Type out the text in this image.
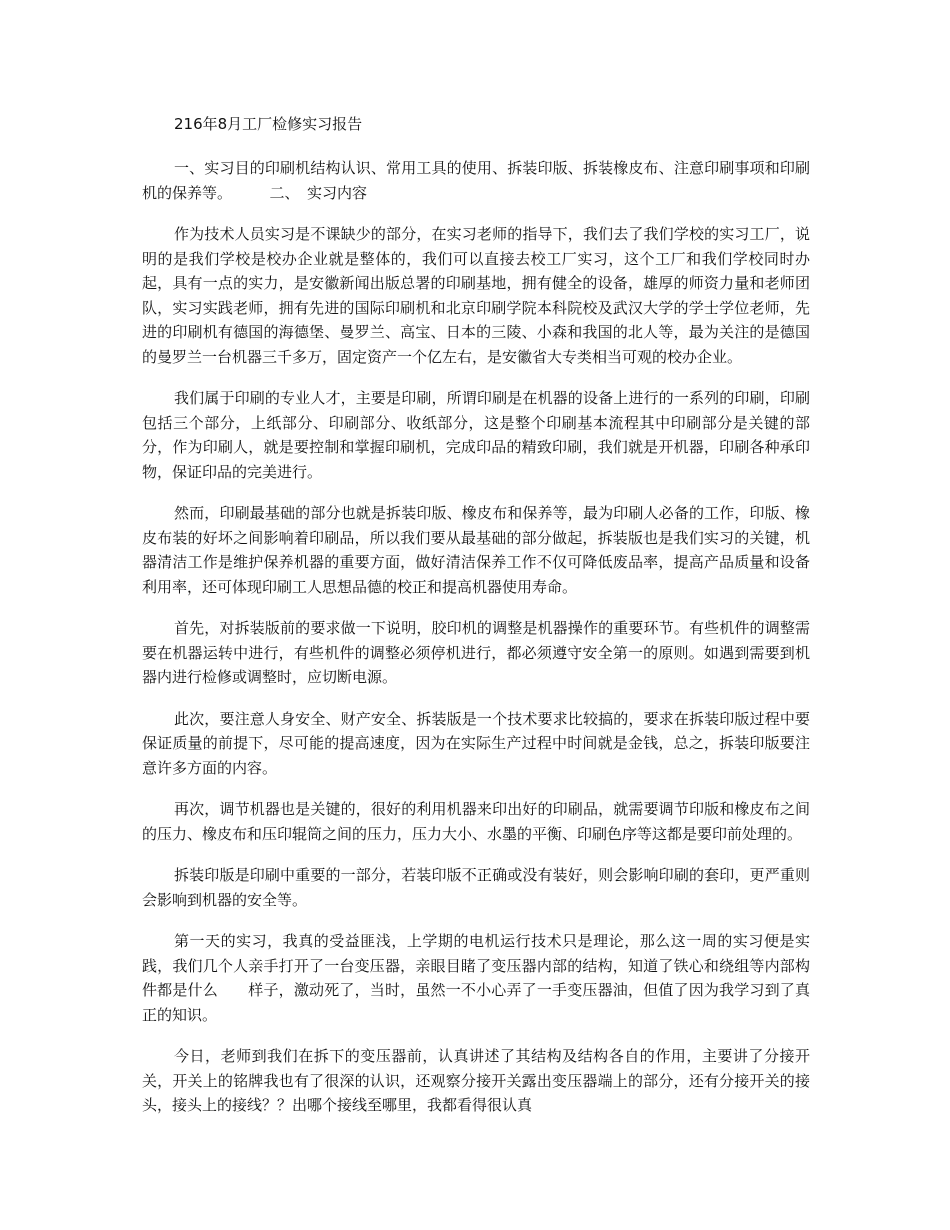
216年8月工厂检修实习报告

一、实习目的印刷机结构认识、常用工具的使用、拆装印版、拆装橡皮布、注意印刷事项和印刷机的保养等。　　　二、　实习内容

作为技术人员实习是不课缺少的部分，在实习老师的指导下，我们去了我们学校的实习工厂，说明的是我们学校是校办企业就是整体的，我们可以直接去校工厂实习，这个工厂和我们学校同时办起，具有一点的实力，是安徽新闻出版总署的印刷基地，拥有健全的设备，雄厚的师资力量和老师团队，实习实践老师，拥有先进的国际印刷机和北京印刷学院本科院校及武汉大学的学士学位老师，先进的印刷机有德国的海德堡、曼罗兰、高宝、日本的三陵、小森和我国的北人等，最为关注的是德国的曼罗兰一台机器三千多万，固定资产一个亿左右，是安徽省大专类相当可观的校办企业。

我们属于印刷的专业人才，主要是印刷，所谓印刷是在机器的设备上进行的一系列的印刷，印刷包括三个部分，上纸部分、印刷部分、收纸部分，这是整个印刷基本流程其中印刷部分是关键的部分，作为印刷人，就是要控制和掌握印刷机，完成印品的精致印刷，我们就是开机器，印刷各种承印物，保证印品的完美进行。

然而，印刷最基础的部分也就是拆装印版、橡皮布和保养等，最为印刷人必备的工作，印版、橡皮布装的好坏之间影响着印刷品，所以我们要从最基础的部分做起，拆装版也是我们实习的关键，机器清洁工作是维护保养机器的重要方面，做好清洁保养工作不仅可降低废品率，提高产品质量和设备利用率，还可体现印刷工人思想品德的校正和提高机器使用寿命。

首先，对拆装版前的要求做一下说明，胶印机的调整是机器操作的重要环节。有些机件的调整需要在机器运转中进行，有些机件的调整必须停机进行，都必须遵守安全第一的原则。如遇到需要到机器内进行检修或调整时，应切断电源。

此次，要注意人身安全、财产安全、拆装版是一个技术要求比较搞的，要求在拆装印版过程中要保证质量的前提下，尽可能的提高速度，因为在实际生产过程中时间就是金钱，总之，拆装印版要注意许多方面的内容。

再次，调节机器也是关键的，很好的利用机器来印出好的印刷品，就需要调节印版和橡皮布之间的压力、橡皮布和压印辊筒之间的压力，压力大小、水墨的平衡、印刷色序等这都是要印前处理的。

拆装印版是印刷中重要的一部分，若装印版不正确或没有装好，则会影响印刷的套印，更严重则会影响到机器的安全等。

第一天的实习，我真的受益匪浅，上学期的电机运行技术只是理论，那么这一周的实习便是实践，我们几个人亲手打开了一台变压器，亲眼目睹了变压器内部的结构，知道了铁心和绕组等内部构件都是什么　　样子，激动死了，当时，虽然一不小心弄了一手变压器油，但值了因为我学习到了真正的知识。

今日，老师到我们在拆下的变压器前，认真讲述了其结构及结构各自的作用，主要讲了分接开关，开关上的铭牌我也有了很深的认识，还观察分接开关露出变压器端上的部分，还有分接开关的接头，接头上的接线？？出哪个接线至哪里，我都看得很认真
